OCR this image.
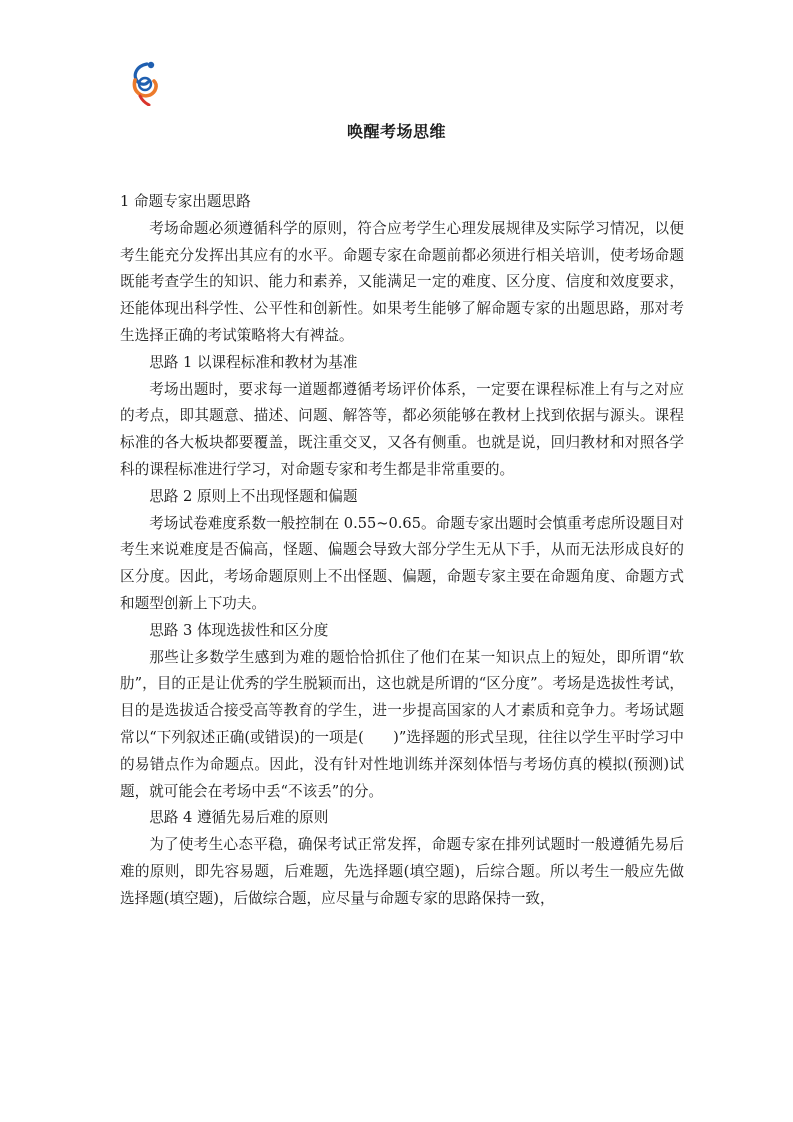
唤醒考场思维

1 命题专家出题思路

考场命题必须遵循科学的原则，符合应考学生心理发展规律及实际学习情况，以便考生能充分发挥出其应有的水平。命题专家在命题前都必须进行相关培训，使考场命题既能考查学生的知识、能力和素养，又能满足一定的难度、区分度、信度和效度要求，还能体现出科学性、公平性和创新性。如果考生能够了解命题专家的出题思路，那对考生选择正确的考试策略将大有裨益。

思路 1 以课程标准和教材为基准

考场出题时，要求每一道题都遵循考场评价体系，一定要在课程标准上有与之对应的考点，即其题意、描述、问题、解答等，都必须能够在教材上找到依据与源头。课程标准的各大板块都要覆盖，既注重交叉，又各有侧重。也就是说，回归教材和对照各学科的课程标准进行学习，对命题专家和考生都是非常重要的。

思路 2 原则上不出现怪题和偏题

考场试卷难度系数一般控制在 0.55~0.65。命题专家出题时会慎重考虑所设题目对考生来说难度是否偏高，怪题、偏题会导致大部分学生无从下手，从而无法形成良好的区分度。因此，考场命题原则上不出怪题、偏题，命题专家主要在命题角度、命题方式和题型创新上下功夫。

思路 3 体现选拔性和区分度

那些让多数学生感到为难的题恰恰抓住了他们在某一知识点上的短处，即所谓“软肋”，目的正是让优秀的学生脱颖而出，这也就是所谓的“区分度”。考场是选拔性考试，目的是选拔适合接受高等教育的学生，进一步提高国家的人才素质和竞争力。考场试题常以“下列叙述正确(或错误)的一项是(　　)”选择题的形式呈现，往往以学生平时学习中的易错点作为命题点。因此，没有针对性地训练并深刻体悟与考场仿真的模拟(预测)试题，就可能会在考场中丢“不该丢”的分。

思路 4 遵循先易后难的原则

为了使考生心态平稳，确保考试正常发挥，命题专家在排列试题时一般遵循先易后难的原则，即先容易题，后难题，先选择题(填空题)，后综合题。所以考生一般应先做选择题(填空题)，后做综合题，应尽量与命题专家的思路保持一致，
